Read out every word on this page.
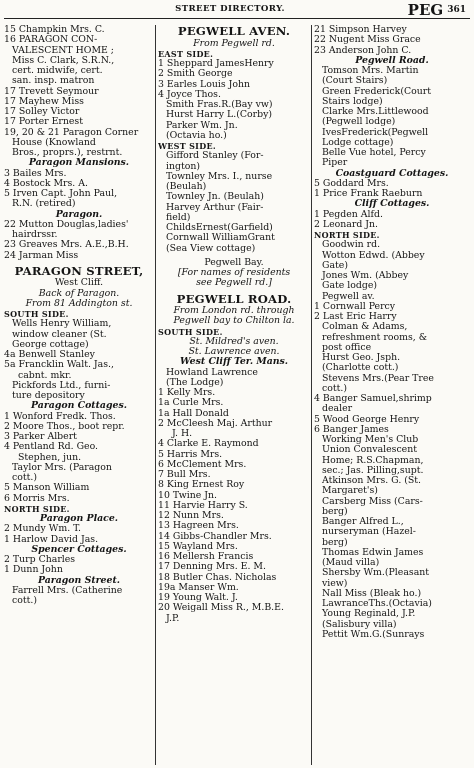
STREET DIRECTORY.	PEG $^{361}$
15 Champkin Mrs. C.
16 PARAGON CON-
VALESCENT HOME ;
Miss C. Clark, S.R.N.,
cert. midwife, cert.
san. insp. matron
17 Trevett Seymour
17 Mayhew Miss
17 Solley Victor
17 Porter Ernest
19, 20 & 21 Paragon Corner
House (Knowland
Bros., proprs.), restrnt.
Paragon Mansions.
3 Bailes Mrs.
4 Bostock Mrs. A.
5 Irven Capt. John Paul,
R.N. (retired)
Paragon.
22 Mutton Douglas,ladies'
hairdrssr.
23 Greaves Mrs. A.E.,B.H.
24 Jarman Miss
PARAGON STREET,
West Cliff.
Back of Paragon.
From 81 Addington st.
SOUTH SIDE.
Wells Henry William,
window cleaner (St.
George cottage)
4a Benwell Stanley
5a Francklin Walt. Jas.,
cabnt. mkr.
Pickfords Ltd., furni-
ture depository
Paragon Cottages.
1 Wonford Fredk. Thos.
2 Moore Thos., boot repr.
3 Parker Albert
4 Pentland Rd. Geo.
Stephen, jun.
Taylor Mrs. (Paragon
cott.)
5 Manson William
6 Morris Mrs.
NORTH SIDE.
Paragon Place.
2 Mundy Wm. T.
1 Harlow David Jas.
Spencer Cottages.
2 Turp Charles
1 Dunn John
Paragon Street.
Farrell Mrs. (Catherine
cott.)
PEGWELL AVEN.
From Pegwell rd.
EAST SIDE.
1 Sheppard JamesHenry
2 Smith George
3 Earles Louis John
4 Joyce Thos.
Smith Fras.R.(Bay vw)
Hurst Harry L.(Corby)
Parker Wm. Jn.
(Octavia ho.)
WEST SIDE.
Gifford Stanley (For-
ington)
Townley Mrs. I., nurse
(Beulah)
Townley Jn. (Beulah)
Harvey Arthur (Fair-
field)
ChildsErnest(Garfield)
Cornwall WilliamGrant
(Sea View cottage)
Pegwell Bay.
[For names of residents
see Pegwell rd.]
PEGWELL ROAD.
From London rd. through
Pegwell bay to Chilton la.
SOUTH SIDE.
St. Mildred's aven.
St. Lawrence aven.
West Cliff Ter. Mans.
Howland Lawrence
(The Lodge)
1 Kelly Mrs.
1a Curle Mrs.
1a Hall Donald
2 McCleesh Maj. Arthur
J. H.
4 Clarke E. Raymond
5 Harris Mrs.
6 McClement Mrs.
7 Bull Mrs.
8 King Ernest Roy
10 Twine Jn.
11 Harvie Harry S.
12 Nunn Mrs.
13 Hagreen Mrs.
14 Gibbs-Chandler Mrs.
15 Wayland Mrs.
16 Mellersh Francis
17 Denning Mrs. E. M.
18 Butler Chas. Nicholas
19a Manser Wm.
19 Young Walt. J.
20 Weigall Miss R., M.B.E.
J.P.
21 Simpson Harvey
22 Nugent Miss Grace
23 Anderson John C.
Pegwell Road.
Tomson Mrs. Martin
(Court Stairs)
Green Frederick(Court
Stairs lodge)
Clarke Mrs.Littlewood
(Pegwell lodge)
IvesFrederick(Pegwell
Lodge cottage)
Belle Vue hotel, Percy
Piper
Coastguard Cottages.
5 Goddard Mrs.
1 Price Frank Raeburn
Cliff Cottages.
1 Pegden Alfd.
2 Leonard Jn.
NORTH SIDE.
Goodwin rd.
Wotton Edwd. (Abbey
Gate)
Jones Wm. (Abbey
Gate lodge)
Pegwell av.
1 Cornwall Percy
2 Last Eric Harry
Colman & Adams,
refreshment rooms, &
post office
Hurst Geo. Jsph.
(Charlotte cott.)
Stevens Mrs.(Pear Tree
cott.)
4 Banger Samuel,shrimp
dealer
5 Wood George Henry
6 Banger James
Working Men's Club
Union Convalescent
Home; R.S.Chapman,
sec.; Jas. Pilling,supt.
Atkinson Mrs. G. (St.
Margaret's)
Carsberg Miss (Cars-
berg)
Banger Alfred L.,
nurseryman (Hazel-
berg)
Thomas Edwin James
(Maud villa)
Shersby Wm.(Pleasant
view)
Nall Miss (Bleak ho.)
LawranceThs.(Octavia)
Young Reginald, J.P.
(Salisbury villa)
Pettit Wm.G.(Sunrays
